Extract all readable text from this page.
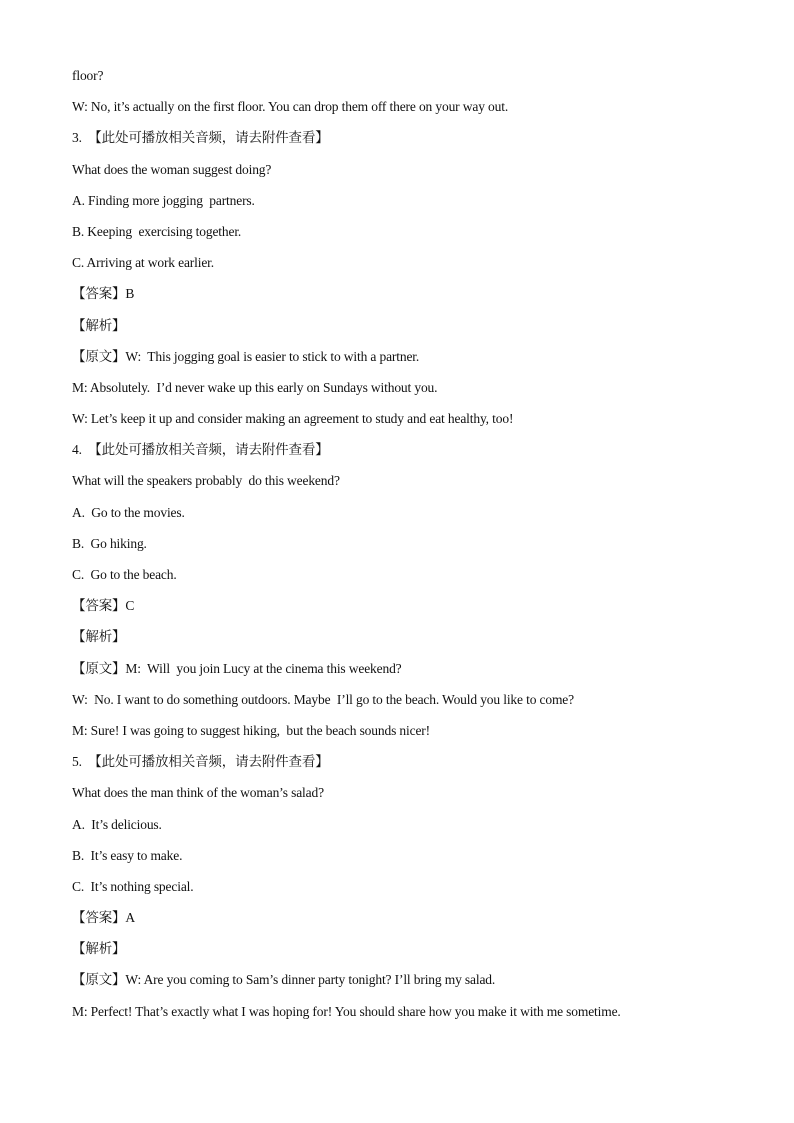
floor?
W: No, it’s actually on the first floor. You can drop them off there on your way out.
3.  【此处可播放相关音频，请去附件查看】
What does the woman suggest doing?
A. Finding more jogging  partners.
B. Keeping  exercising together.
C. Arriving at work earlier.
【答案】B
【解析】
【原文】W:  This jogging goal is easier to stick to with a partner.
M: Absolutely.  I’d never wake up this early on Sundays without you.
W: Let’s keep it up and consider making an agreement to study and eat healthy, too!
4.  【此处可播放相关音频，请去附件查看】
What will the speakers probably  do this weekend?
A.  Go to the movies.
B.  Go hiking.
C.  Go to the beach.
【答案】C
【解析】
【原文】M:  Will  you join Lucy at the cinema this weekend?
W:  No. I want to do something outdoors. Maybe  I’ll go to the beach. Would you like to come?
M: Sure! I was going to suggest hiking,  but the beach sounds nicer!
5.  【此处可播放相关音频，请去附件查看】
What does the man think of the woman’s salad?
A.  It’s delicious.
B.  It’s easy to make.
C.  It’s nothing special.
【答案】A
【解析】
【原文】W: Are you coming to Sam’s dinner party tonight? I’ll bring my salad.
M: Perfect! That’s exactly what I was hoping for! You should share how you make it with me sometime.
